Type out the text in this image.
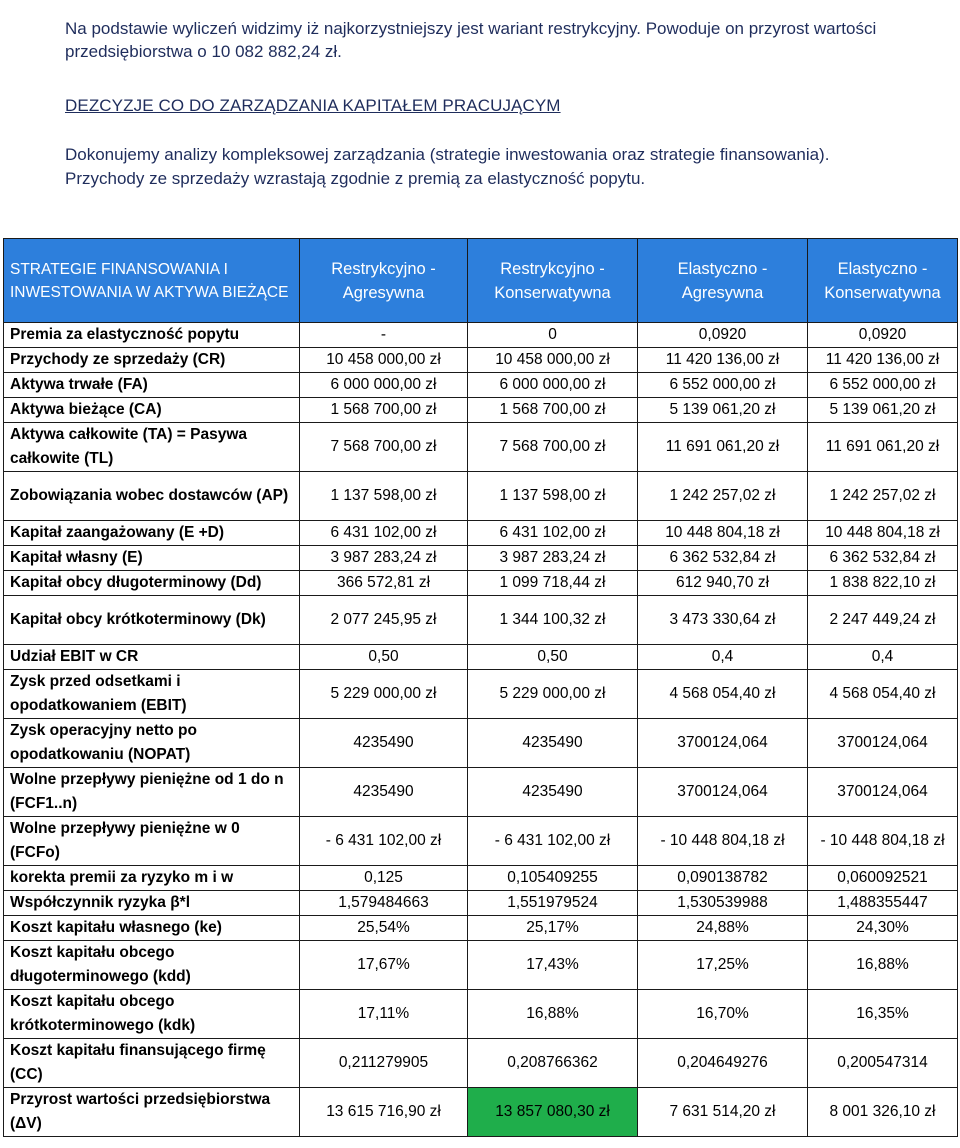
Na podstawie wyliczeń widzimy iż najkorzystniejszy jest wariant restrykcyjny. Powoduje on przyrost wartości przedsiębiorstwa o 10 082 882,24 zł.

DEZCYZJE CO DO ZARZĄDZANIA KAPITAŁEM PRACUJĄCYM
Dokonujemy analizy kompleksowej zarządzania (strategie inwestowania oraz strategie finansowania).
Przychody ze sprzedaży wzrastają zgodnie z premią za elastyczność popytu.
STRATEGIE FINANSOWANIA I INWESTOWANIA W AKTYWA BIEŻĄCE	Restrykcyjno - Agresywna	Restrykcyjno - Konserwatywna	Elastyczno - Agresywna	Elastyczno - Konserwatywna
Premia za elastyczność popytu	-	0	0,0920	0,0920
Przychody ze sprzedaży (CR)	10 458 000,00 zł	10 458 000,00 zł	11 420 136,00 zł	11 420 136,00 zł
Aktywa trwałe (FA)	6 000 000,00 zł	6 000 000,00 zł	6 552 000,00 zł	6 552 000,00 zł
Aktywa bieżące (CA)	1 568 700,00 zł	1 568 700,00 zł	5 139 061,20 zł	5 139 061,20 zł
Aktywa całkowite (TA) = Pasywa całkowite (TL)	7 568 700,00 zł	7 568 700,00 zł	11 691 061,20 zł	11 691 061,20 zł
Zobowiązania wobec dostawców (AP)	1 137 598,00 zł	1 137 598,00 zł	1 242 257,02 zł	1 242 257,02 zł
Kapitał zaangażowany (E +D)	6 431 102,00 zł	6 431 102,00 zł	10 448 804,18 zł	10 448 804,18 zł
Kapitał własny (E)	3 987 283,24 zł	3 987 283,24 zł	6 362 532,84 zł	6 362 532,84 zł
Kapitał obcy długoterminowy (Dd)	366 572,81 zł	1 099 718,44 zł	612 940,70 zł	1 838 822,10 zł
Kapitał obcy krótkoterminowy (Dk)	2 077 245,95 zł	1 344 100,32 zł	3 473 330,64 zł	2 247 449,24 zł
Udział EBIT w CR	0,50	0,50	0,4	0,4
Zysk przed odsetkami i opodatkowaniem (EBIT)	5 229 000,00 zł	5 229 000,00 zł	4 568 054,40 zł	4 568 054,40 zł
Zysk operacyjny netto po opodatkowaniu (NOPAT)	4235490	4235490	3700124,064	3700124,064
Wolne przepływy pieniężne od 1 do n (FCF1..n)	4235490	4235490	3700124,064	3700124,064
Wolne przepływy pieniężne w 0 (FCFo)	- 6 431 102,00 zł	- 6 431 102,00 zł	- 10 448 804,18 zł	- 10 448 804,18 zł
korekta premii za ryzyko m i w	0,125	0,105409255	0,090138782	0,060092521
Współczynnik ryzyka β*l	1,579484663	1,551979524	1,530539988	1,488355447
Koszt kapitału własnego (ke)	25,54%	25,17%	24,88%	24,30%
Koszt kapitału obcego długoterminowego (kdd)	17,67%	17,43%	17,25%	16,88%
Koszt kapitału obcego krótkoterminowego (kdk)	17,11%	16,88%	16,70%	16,35%
Koszt kapitału finansującego firmę (CC)	0,211279905	0,208766362	0,204649276	0,200547314
Przyrost wartości przedsiębiorstwa (ΔV)	13 615 716,90 zł	13 857 080,30 zł	7 631 514,20 zł	8 001 326,10 zł
